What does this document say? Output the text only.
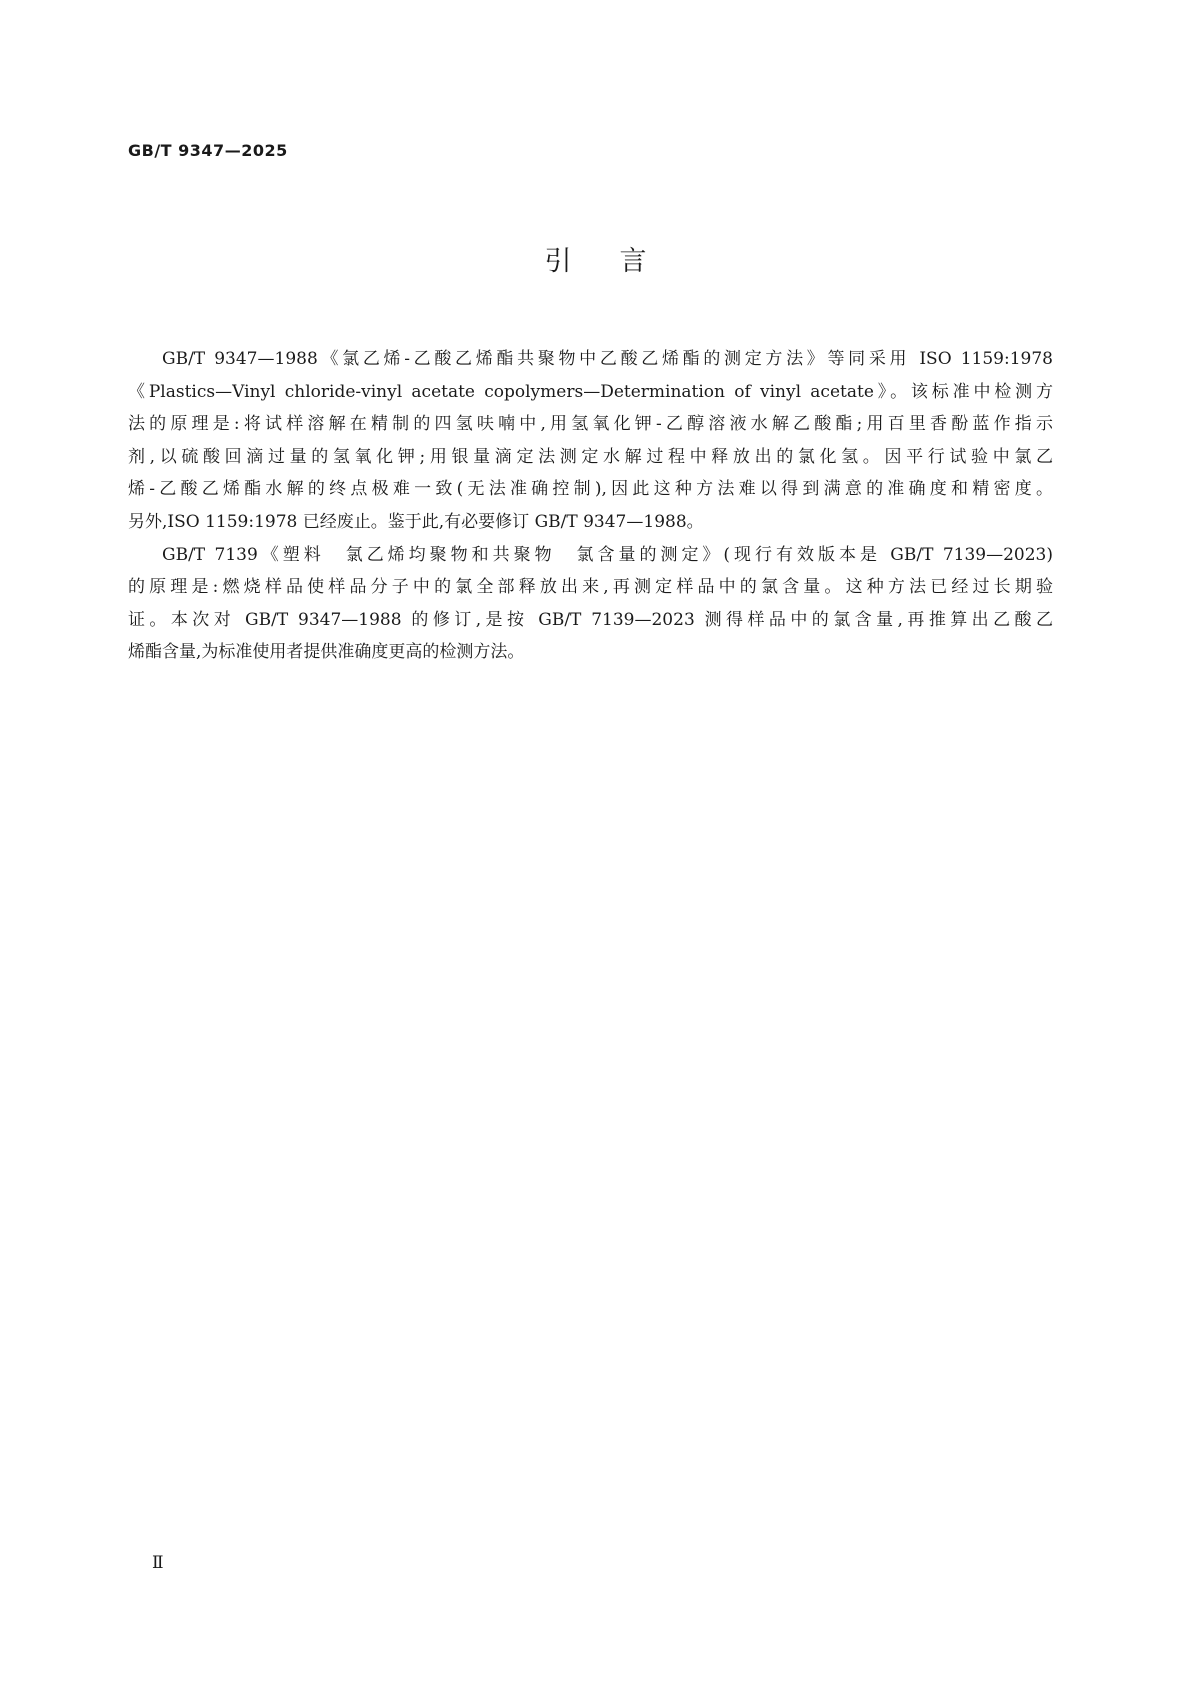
GB/T 9347—2025
引言
GB/T 9347—1988《氯乙烯-乙酸乙烯酯共聚物中乙酸乙烯酯的测定方法》等同采用 ISO 1159:1978
《Plastics—Vinyl chloride-vinyl acetate copolymers—Determination of vinyl acetate》。该标准中检测方
法的原理是:将试样溶解在精制的四氢呋喃中,用氢氧化钾-乙醇溶液水解乙酸酯;用百里香酚蓝作指示
剂,以硫酸回滴过量的氢氧化钾;用银量滴定法测定水解过程中释放出的氯化氢。因平行试验中氯乙
烯-乙酸乙烯酯水解的终点极难一致(无法准确控制),因此这种方法难以得到满意的准确度和精密度。
另外,ISO 1159:1978 已经废止。鉴于此,有必要修订 GB/T 9347—1988。
GB/T 7139《塑料　氯乙烯均聚物和共聚物　氯含量的测定》(现行有效版本是 GB/T 7139—2023)
的原理是:燃烧样品使样品分子中的氯全部释放出来,再测定样品中的氯含量。这种方法已经过长期验
证。本次对 GB/T 9347—1988 的修订,是按 GB/T 7139—2023 测得样品中的氯含量,再推算出乙酸乙
烯酯含量,为标准使用者提供准确度更高的检测方法。
Ⅱ
